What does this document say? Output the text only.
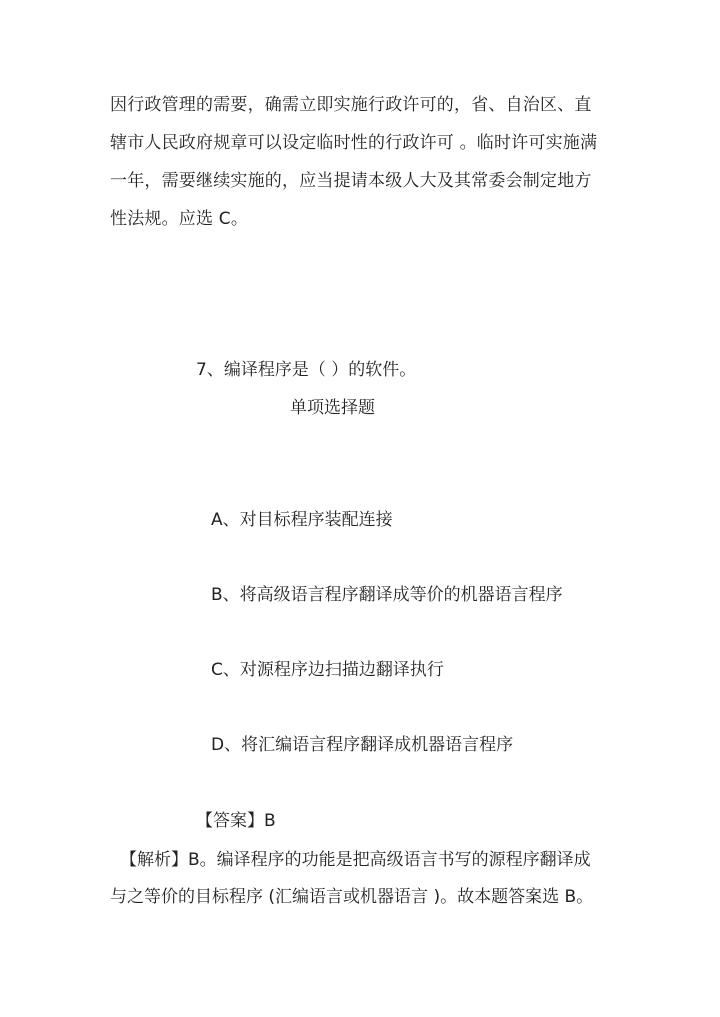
因行政管理的需要，确需立即实施行政许可的，省、自治区、直
辖市人民政府规章可以设定临时性的行政许可 。临时许可实施满
一年，需要继续实施的，应当提请本级人大及其常委会制定地方
性法规。应选 C。
7、编译程序是（ ）的软件。
单项选择题
A、对目标程序装配连接
B、将高级语言程序翻译成等价的机器语言程序
C、对源程序边扫描边翻译执行
D、将汇编语言程序翻译成机器语言程序
【答案】B
【解析】B。编译程序的功能是把高级语言书写的源程序翻译成
与之等价的目标程序 (汇编语言或机器语言 )。故本题答案选 B。
